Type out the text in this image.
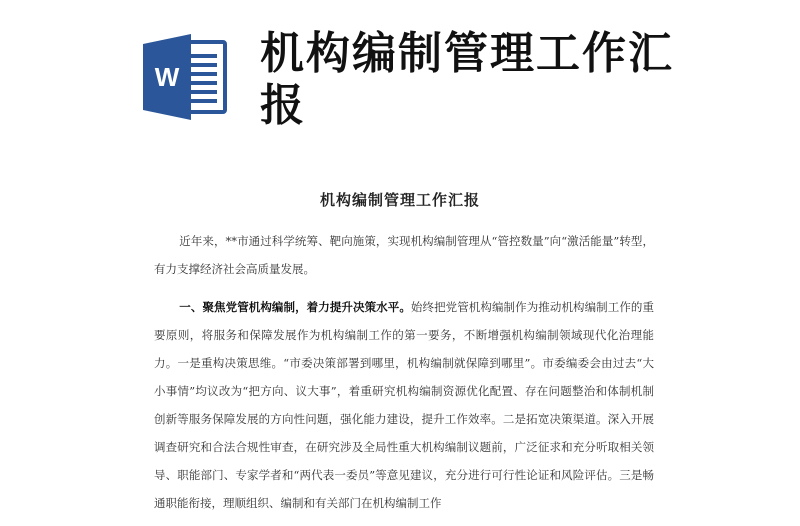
W 机构编制管理工作汇报
机构编制管理工作汇报

近年来，**市通过科学统筹、靶向施策，实现机构编制管理从“管控数量”向“激活能量”转型，有力支撑经济社会高质量发展。

一、聚焦党管机构编制，着力提升决策水平。始终把党管机构编制作为推动机构编制工作的重要原则，将服务和保障发展作为机构编制工作的第一要务，不断增强机构编制领域现代化治理能力。一是重构决策思维。“市委决策部署到哪里，机构编制就保障到哪里”。市委编委会由过去“大小事情”均议改为“把方向、议大事”，着重研究机构编制资源优化配置、存在问题整治和体制机制创新等服务保障发展的方向性问题，强化能力建设，提升工作效率。二是拓宽决策渠道。深入开展调查研究和合法合规性审查，在研究涉及全局性重大机构编制议题前，广泛征求和充分听取相关领导、职能部门、专家学者和“两代表一委员”等意见建议，充分进行可行性论证和风险评估。三是畅通职能衔接，理顺组织、编制和有关部门在机构编制工作
